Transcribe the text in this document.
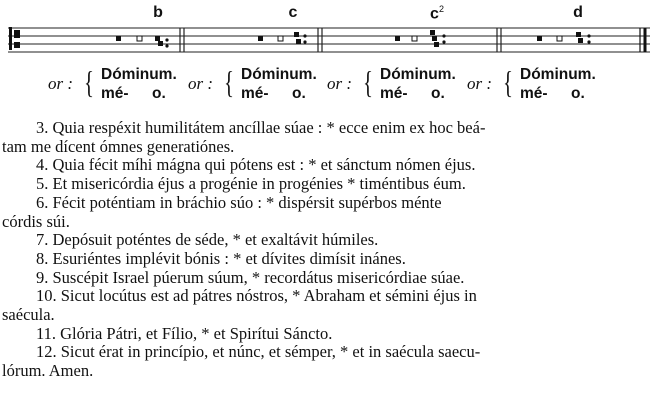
b	c	$c^2$	d
or : { Dóminum.
mé- o.
or : { Dóminum.
mé- o.
or : { Dóminum.
mé- o.
or : { Dóminum.
mé- o.
3. Quia respéxit humilitátem ancíllae súae : * ecce enim ex hoc beá-
tam me dícent ómnes generatiónes.
4. Quia fécit míhi mágna qui pótens est : * et sánctum nómen éjus.
5. Et misericórdia éjus a progénie in progénies * timéntibus éum.
6. Fécit poténtiam in bráchio súo : * dispérsit supérbos ménte
córdis súi.
7. Depósuit poténtes de séde, * et exaltávit húmiles.
8. Esuriéntes implévit bónis : * et dívites dimísit inánes.
9. Suscépit Israel púerum súum, * recordátus misericórdiae súae.
10. Sicut locútus est ad pátres nóstros, * Abraham et sémini éjus in
saécula.
11. Glória Pátri, et Fílio, * et Spirítui Sáncto.
12. Sicut érat in princípio, et núnc, et sémper, * et in saécula saecu-
lórum. Amen.
